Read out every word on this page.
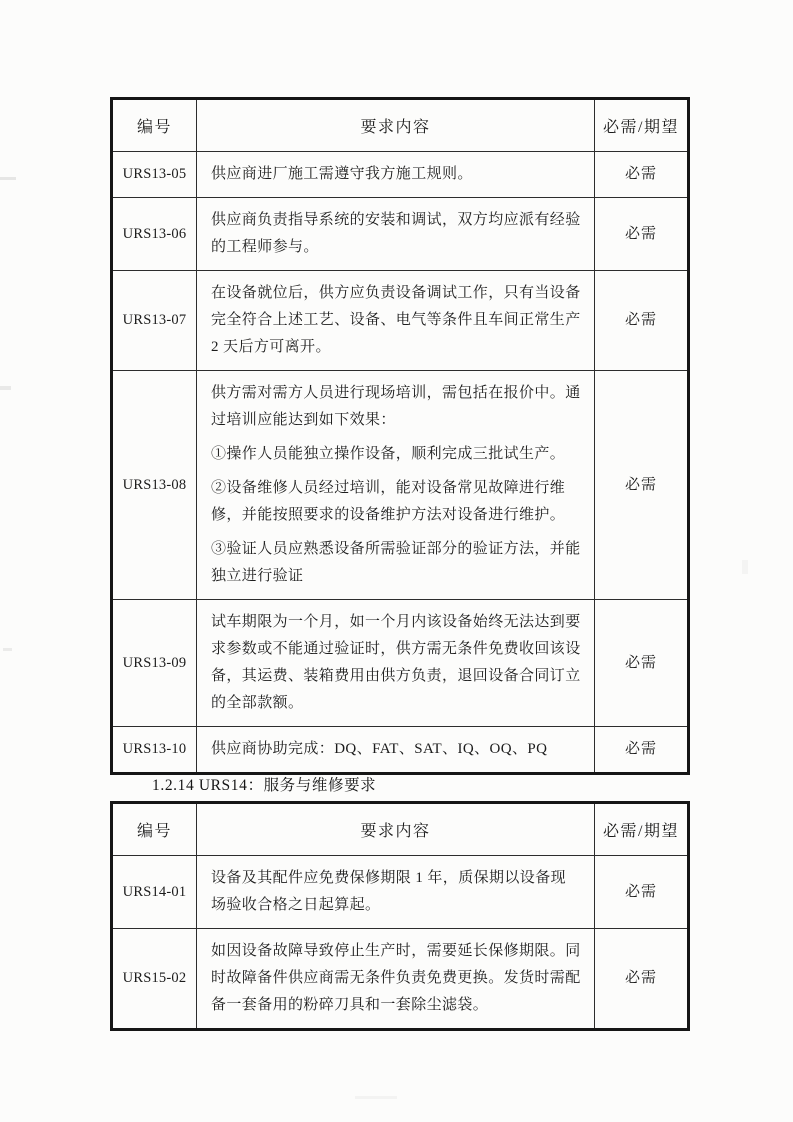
编号	要求内容	必需/期望
URS13-05	供应商进厂施工需遵守我方施工规则。	必需
URS13-06	供应商负责指导系统的安装和调试，双方均应派有经验的工程师参与。	必需
URS13-07	在设备就位后，供方应负责设备调试工作，只有当设备完全符合上述工艺、设备、电气等条件且车间正常生产 2 天后方可离开。	必需
URS13-08	供方需对需方人员进行现场培训，需包括在报价中。通过培训应能达到如下效果：

①操作人员能独立操作设备，顺利完成三批试生产。

②设备维修人员经过培训，能对设备常见故障进行维修，并能按照要求的设备维护方法对设备进行维护。

③验证人员应熟悉设备所需验证部分的验证方法，并能独立进行验证	必需
URS13-09	试车期限为一个月，如一个月内该设备始终无法达到要求参数或不能通过验证时，供方需无条件免费收回该设备，其运费、装箱费用由供方负责，退回设备合同订立的全部款额。	必需
URS13-10	供应商协助完成：DQ、FAT、SAT、IQ、OQ、PQ	必需
1.2.14 URS14：服务与维修要求
编号	要求内容	必需/期望
URS14-01	设备及其配件应免费保修期限 1 年，质保期以设备现场验收合格之日起算起。	必需
URS15-02	如因设备故障导致停止生产时，需要延长保修期限。同时故障备件供应商需无条件负责免费更换。发货时需配备一套备用的粉碎刀具和一套除尘滤袋。	必需
